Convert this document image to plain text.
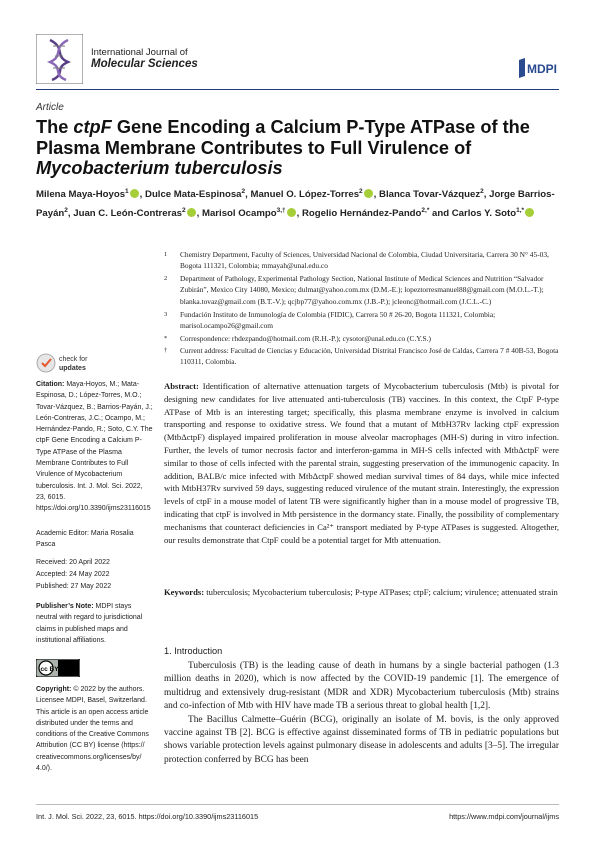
International Journal of
Molecular Sciences	MDPI
Article
The ctpF Gene Encoding a Calcium P-Type ATPase of the Plasma Membrane Contributes to Full Virulence of
Mycobacterium tuberculosis
Milena Maya-Hoyos$^1$ , Dulce Mata-Espinosa$^2$, Manuel O. López-Torres$^2$ , Blanca Tovar-Vázquez$^2$, Jorge Barrios-Payán$^2$, Juan C. León-Contreras$^2$ , Marisol Ocampo$^{3,\dagger}$ , Rogelio Hernández-Pando$^{2,*}$ and Carlos Y. Soto$^{1,*}$
1 Chemistry Department, Faculty of Sciences, Universidad Nacional de Colombia, Ciudad Universitaria, Carrera 30 N° 45-03, Bogota 111321, Colombia; mmayah@unal.edu.co
2 Department of Pathology, Experimental Pathology Section, National Institute of Medical Sciences and Nutrition “Salvador Zubirán”, Mexico City 14080, Mexico; dulmat@yahoo.com.mx (D.M.-E.); lopeztorresmanuel88@gmail.com (M.O.L.-T.); blanka.tovaz@gmail.com (B.T.-V.); qcjbp77@yahoo.com.mx (J.B.-P.); jcleonc@hotmail.com (J.C.L.-C.)
3 Fundación Instituto de Inmunología de Colombia (FIDIC), Carrera 50 # 26-20, Bogota 111321, Colombia; marisol.ocampo26@gmail.com
* Correspondence: rhdezpando@hotmail.com (R.H.-P.); cysotor@unal.edu.co (C.Y.S.)
† Current address: Facultad de Ciencias y Educación, Universidad Distrital Francisco José de Caldas, Carrera 7 # 40B-53, Bogota 110311, Colombia.
check for
updates
Citation: Maya-Hoyos, M.; Mata-Espinosa, D.; López-Torres, M.O.; Tovar-Vázquez, B.; Barrios-Payán, J.; León-Contreras, J.C.; Ocampo, M.; Hernández-Pando, R.; Soto, C.Y. The ctpF Gene Encoding a Calcium P-Type ATPase of the Plasma Membrane Contributes to Full Virulence of Mycobacterium tuberculosis. Int. J. Mol. Sci. 2022, 23, 6015. https://doi.org/10.3390/ijms23116015
Academic Editor: Maria Rosalia Pasca
Received: 20 April 2022
Accepted: 24 May 2022
Published: 27 May 2022
Publisher’s Note: MDPI stays neutral with regard to jurisdictional claims in published maps and institutional affiliations.
cc BY
Copyright: © 2022 by the authors. Licensee MDPI, Basel, Switzerland. This article is an open access article distributed under the terms and conditions of the Creative Commons Attribution (CC BY) license (https:// creativecommons.org/licenses/by/ 4.0/).
Abstract: Identification of alternative attenuation targets of Mycobacterium tuberculosis (Mtb) is pivotal for designing new candidates for live attenuated anti-tuberculosis (TB) vaccines. In this context, the CtpF P-type ATPase of Mtb is an interesting target; specifically, this plasma membrane enzyme is involved in calcium transporting and response to oxidative stress. We found that a mutant of MtbH37Rv lacking ctpF expression (MtbΔctpF) displayed impaired proliferation in mouse alveolar macrophages (MH-S) during in vitro infection. Further, the levels of tumor necrosis factor and interferon-gamma in MH-S cells infected with MtbΔctpF were similar to those of cells infected with the parental strain, suggesting preservation of the immunogenic capacity. In addition, BALB/c mice infected with MtbΔctpF showed median survival times of 84 days, while mice infected with MtbH37Rv survived 59 days, suggesting reduced virulence of the mutant strain. Interestingly, the expression levels of ctpF in a mouse model of latent TB were significantly higher than in a mouse model of progressive TB, indicating that ctpF is involved in Mtb persistence in the dormancy state. Finally, the possibility of complementary mechanisms that counteract deficiencies in Ca²⁺ transport mediated by P-type ATPases is suggested. Altogether, our results demonstrate that CtpF could be a potential target for Mtb attenuation.
Keywords: tuberculosis; Mycobacterium tuberculosis; P-type ATPases; ctpF; calcium; virulence; attenuated strain
1. Introduction

Tuberculosis (TB) is the leading cause of death in humans by a single bacterial pathogen (1.3 million deaths in 2020), which is now affected by the COVID-19 pandemic [1]. The emergence of multidrug and extensively drug-resistant (MDR and XDR) Mycobacterium tuberculosis (Mtb) strains and co-infection of Mtb with HIV have made TB a serious threat to global health [1,2].

The Bacillus Calmette–Guérin (BCG), originally an isolate of M. bovis, is the only approved vaccine against TB [2]. BCG is effective against disseminated forms of TB in pediatric populations but shows variable protection levels against pulmonary disease in adolescents and adults [3–5]. The irregular protection conferred by BCG has been

Int. J. Mol. Sci. 2022, 23, 6015. https://doi.org/10.3390/ijms23116015	https://www.mdpi.com/journal/ijms
